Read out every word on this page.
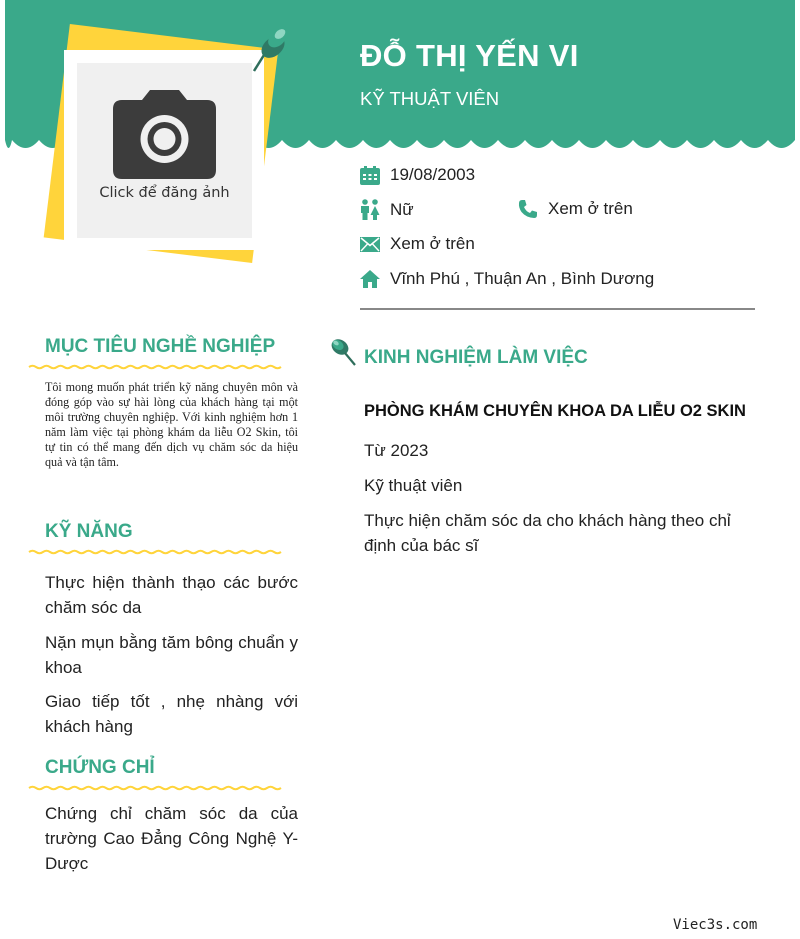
Click để đăng ảnh
ĐỖ THỊ YẾN VI
KỸ THUẬT VIÊN
19/08/2003
Nữ	Xem ở trên
Xem ở trên
Vĩnh Phú , Thuận An , Bình Dương
MỤC TIÊU NGHỀ NGHIỆP
Tôi mong muốn phát triển kỹ năng chuyên môn và đóng góp vào sự hài lòng của khách hàng tại một môi trường chuyên nghiệp. Với kinh nghiệm hơn 1 năm làm việc tại phòng khám da liễu O2 Skin, tôi tự tin có thể mang đến dịch vụ chăm sóc da hiệu quả và tận tâm.
KỸ NĂNG
Thực hiện thành thạo các bước chăm sóc da
Nặn mụn bằng tăm bông chuẩn y khoa
Giao tiếp tốt , nhẹ nhàng với khách hàng
CHỨNG CHỈ
Chứng chỉ chăm sóc da của trường Cao Đẳng Công Nghệ Y- Dược
KINH NGHIỆM LÀM VIỆC
PHÒNG KHÁM CHUYÊN KHOA DA LIỄU O2 SKIN
Từ 2023
Kỹ thuật viên
Thực hiện chăm sóc da cho khách hàng theo chỉ định của bác sĩ
Viec3s.com
